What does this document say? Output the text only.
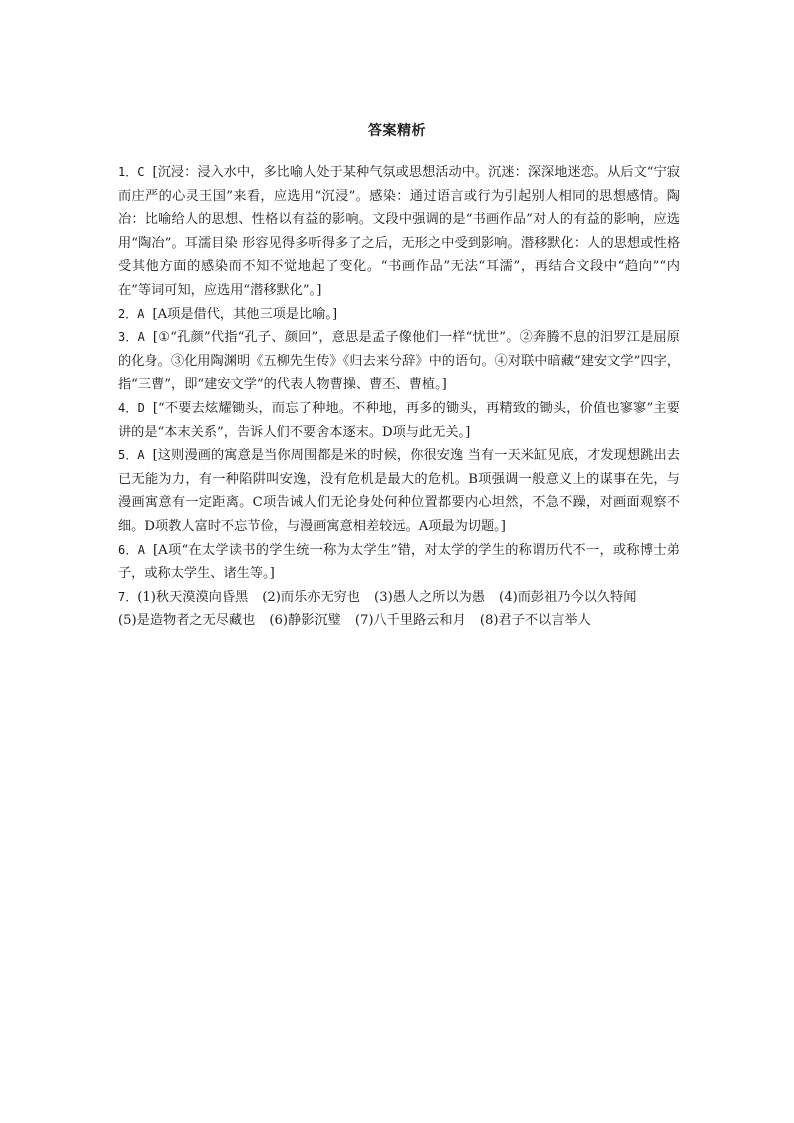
答案精析

1．C [沉浸：浸入水中，多比喻人处于某种气氛或思想活动中。沉迷：深深地迷恋。从后文“宁寂而庄严的心灵王国”来看，应选用“沉浸”。感染：通过语言或行为引起别人相同的思想感情。陶冶：比喻给人的思想、性格以有益的影响。文段中强调的是“书画作品”对人的有益的影响，应选用“陶冶”。耳濡目染 形容见得多听得多了之后，无形之中受到影响。潜移默化：人的思想或性格受其他方面的感染而不知不觉地起了变化。“书画作品”无法“耳濡”，再结合文段中“趋向”“内在”等词可知，应选用“潜移默化”。]

2．A [A项是借代，其他三项是比喻。]

3．A [①“孔颜”代指“孔子、颜回”，意思是孟子像他们一样“忧世”。②奔腾不息的汨罗江是屈原的化身。③化用陶渊明《五柳先生传》《归去来兮辞》中的语句。④对联中暗藏“建安文学”四字，指“三曹”，即“建安文学”的代表人物曹操、曹丕、曹植。]

4．D [“不要去炫耀锄头，而忘了种地。不种地，再多的锄头，再精致的锄头，价值也寥寥”主要讲的是“本末关系”，告诉人们不要舍本逐末。D项与此无关。]

5．A [这则漫画的寓意是当你周围都是米的时候，你很安逸 当有一天米缸见底，才发现想跳出去已无能为力，有一种陷阱叫安逸，没有危机是最大的危机。B项强调一般意义上的谋事在先，与漫画寓意有一定距离。C项告诫人们无论身处何种位置都要内心坦然，不急不躁，对画面观察不细。D项教人富时不忘节俭，与漫画寓意相差较远。A项最为切题。]

6．A [A项“在太学读书的学生统一称为太学生”错，对太学的学生的称谓历代不一，或称博士弟子，或称太学生、诸生等。]

7． (1)秋天漠漠向昏黑 (2)而乐亦无穷也 (3)愚人之所以为愚 (4)而彭祖乃今以久特闻
(5)是造物者之无尽藏也 (6)静影沉璧 (7)八千里路云和月 (8)君子不以言举人
